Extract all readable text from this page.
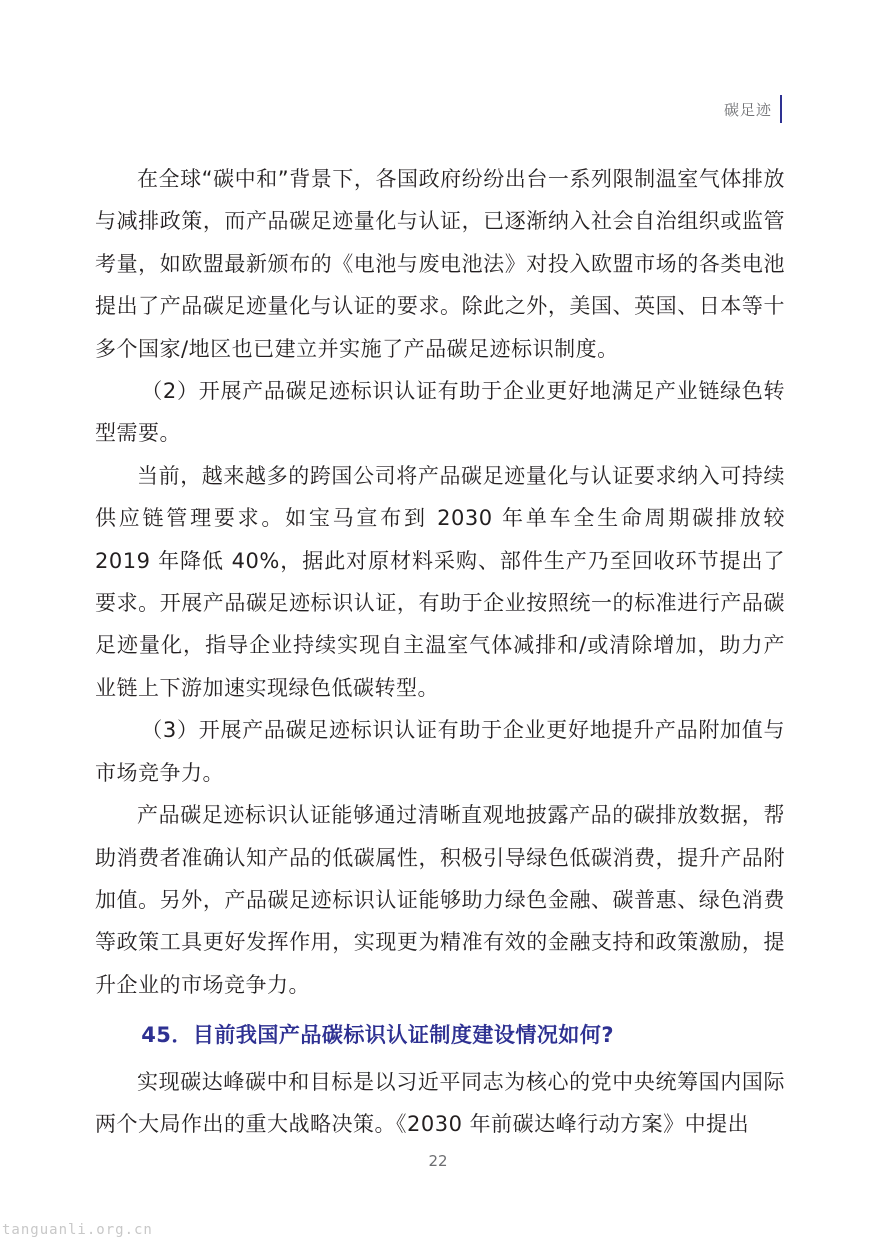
碳足迹

在全球“碳中和”背景下，各国政府纷纷出台一系列限制温室气体排放与减排政策，而产品碳足迹量化与认证，已逐渐纳入社会自治组织或监管考量，如欧盟最新颁布的《电池与废电池法》对投入欧盟市场的各类电池提出了产品碳足迹量化与认证的要求。除此之外，美国、英国、日本等十多个国家/地区也已建立并实施了产品碳足迹标识制度。

（2）开展产品碳足迹标识认证有助于企业更好地满足产业链绿色转型需要。

当前，越来越多的跨国公司将产品碳足迹量化与认证要求纳入可持续供应链管理要求。如宝马宣布到 2030 年单车全生命周期碳排放较 2019 年降低 40%，据此对原材料采购、部件生产乃至回收环节提出了要求。开展产品碳足迹标识认证，有助于企业按照统一的标准进行产品碳足迹量化，指导企业持续实现自主温室气体减排和/或清除增加，助力产业链上下游加速实现绿色低碳转型。

（3）开展产品碳足迹标识认证有助于企业更好地提升产品附加值与市场竞争力。

产品碳足迹标识认证能够通过清晰直观地披露产品的碳排放数据，帮助消费者准确认知产品的低碳属性，积极引导绿色低碳消费，提升产品附加值。另外，产品碳足迹标识认证能够助力绿色金融、碳普惠、绿色消费等政策工具更好发挥作用，实现更为精准有效的金融支持和政策激励，提升企业的市场竞争力。

45．目前我国产品碳标识认证制度建设情况如何?

实现碳达峰碳中和目标是以习近平同志为核心的党中央统筹国内国际两个大局作出的重大战略决策。《2030 年前碳达峰行动方案》中提出

22
tanguanli.org.cn
